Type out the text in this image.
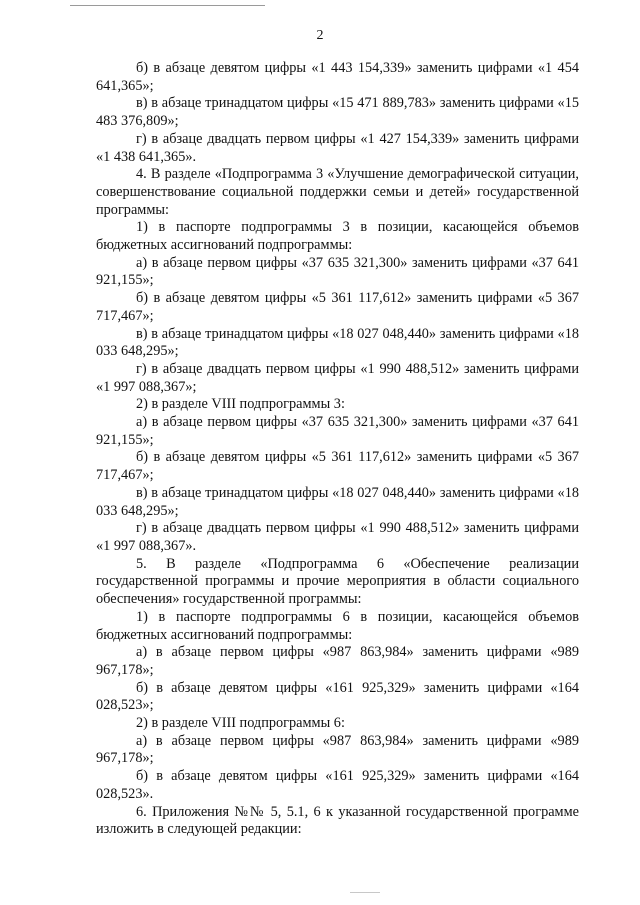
2

б) в абзаце девятом цифры «1 443 154,339» заменить цифрами «1 454 641,365»;

в) в абзаце тринадцатом цифры «15 471 889,783» заменить цифрами «15 483 376,809»;

г) в абзаце двадцать первом цифры «1 427 154,339» заменить цифрами «1 438 641,365».

4. В разделе «Подпрограмма 3 «Улучшение демографической ситуации, совершенствование социальной поддержки семьи и детей» государственной программы:

1) в паспорте подпрограммы 3 в позиции, касающейся объемов бюджетных ассигнований подпрограммы:

а) в абзаце первом цифры «37 635 321,300» заменить цифрами «37 641 921,155»;

б) в абзаце девятом цифры «5 361 117,612» заменить цифрами «5 367 717,467»;

в) в абзаце тринадцатом цифры «18 027 048,440» заменить цифрами «18 033 648,295»;

г) в абзаце двадцать первом цифры «1 990 488,512» заменить цифрами «1 997 088,367»;

2) в разделе VIII подпрограммы 3:

а) в абзаце первом цифры «37 635 321,300» заменить цифрами «37 641 921,155»;

б) в абзаце девятом цифры «5 361 117,612» заменить цифрами «5 367 717,467»;

в) в абзаце тринадцатом цифры «18 027 048,440» заменить цифрами «18 033 648,295»;

г) в абзаце двадцать первом цифры «1 990 488,512» заменить цифрами «1 997 088,367».

5. В разделе «Подпрограмма 6 «Обеспечение реализации государственной программы и прочие мероприятия в области социального обеспечения» государственной программы:

1) в паспорте подпрограммы 6 в позиции, касающейся объемов бюджетных ассигнований подпрограммы:

а) в абзаце первом цифры «987 863,984» заменить цифрами «989 967,178»;

б) в абзаце девятом цифры «161 925,329» заменить цифрами «164 028,523»;

2) в разделе VIII подпрограммы 6:

а) в абзаце первом цифры «987 863,984» заменить цифрами «989 967,178»;

б) в абзаце девятом цифры «161 925,329» заменить цифрами «164 028,523».

6. Приложения №№ 5, 5.1, 6 к указанной государственной программе изложить в следующей редакции:
